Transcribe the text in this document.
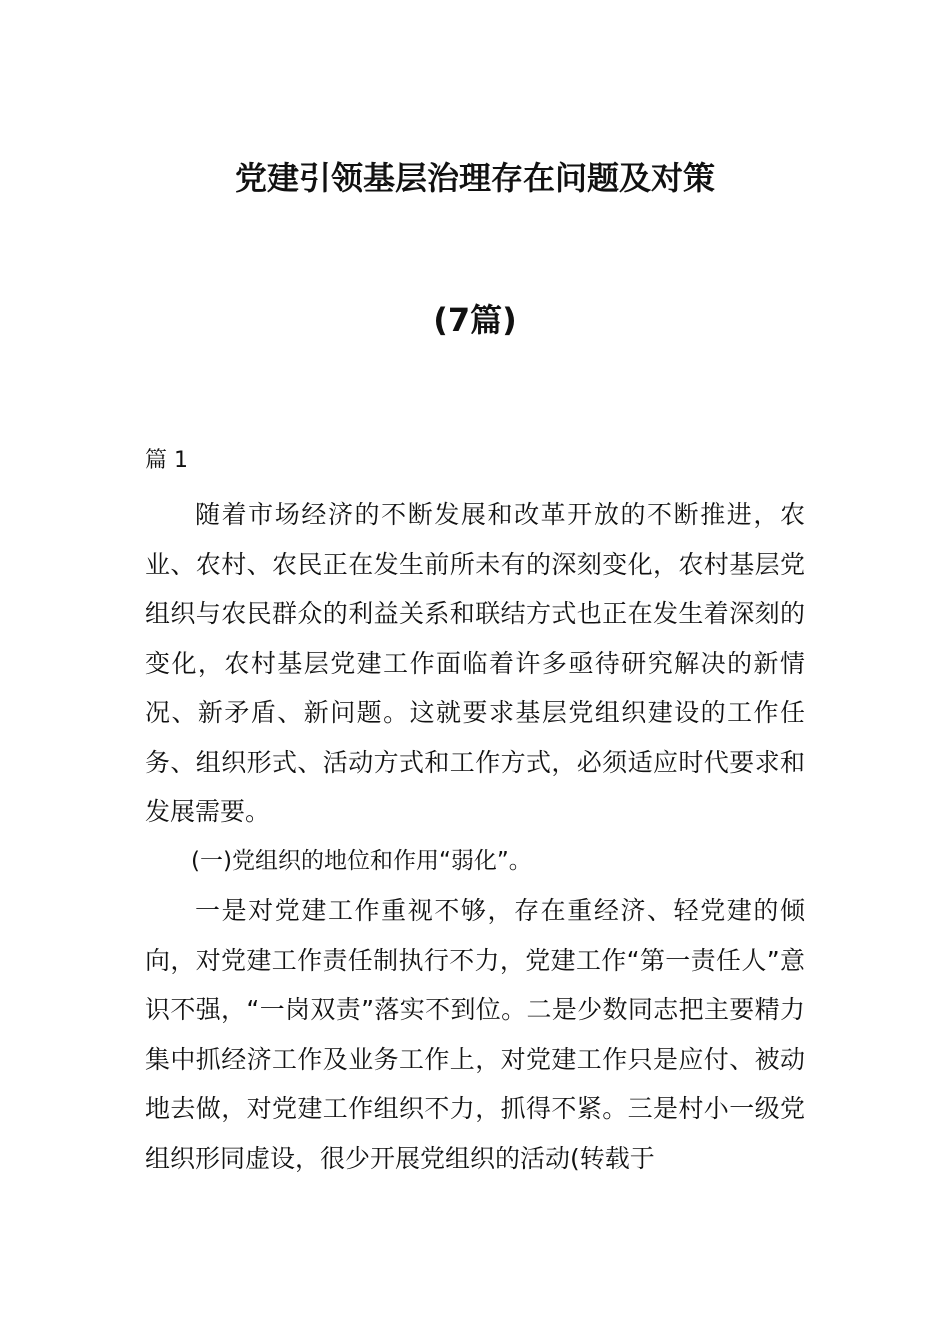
党建引领基层治理存在问题及对策
(7篇)

篇 1

随着市场经济的不断发展和改革开放的不断推进，农业、农村、农民正在发生前所未有的深刻变化，农村基层党组织与农民群众的利益关系和联结方式也正在发生着深刻的变化，农村基层党建工作面临着许多亟待研究解决的新情况、新矛盾、新问题。这就要求基层党组织建设的工作任务、组织形式、活动方式和工作方式，必须适应时代要求和发展需要。

(一)党组织的地位和作用“弱化”。

一是对党建工作重视不够，存在重经济、轻党建的倾向，对党建工作责任制执行不力，党建工作“第一责任人”意识不强，“一岗双责”落实不到位。二是少数同志把主要精力集中抓经济工作及业务工作上，对党建工作只是应付、被动地去做，对党建工作组织不力，抓得不紧。三是村小一级党组织形同虚设，很少开展党组织的活动(转载于
